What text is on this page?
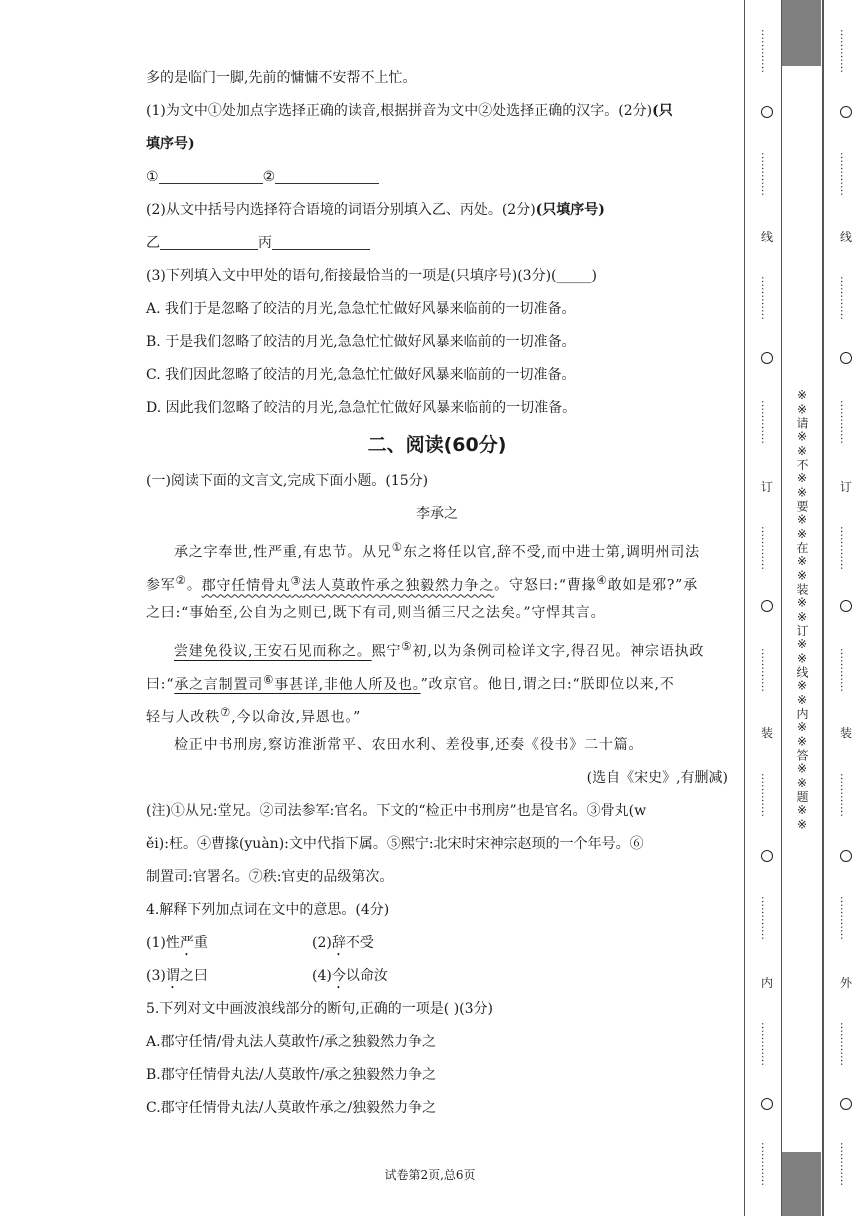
多的是临门一脚,先前的慵慵不安帮不上忙。
(1)为文中①处加点字选择正确的读音,根据拼音为文中②处选择正确的汉字。(2分)(只
填序号)
①	②
(2)从文中括号内选择符合语境的词语分别填入乙、丙处。(2分)(只填序号)
乙	丙
(3)下列填入文中甲处的语句,衔接最恰当的一项是(只填序号)(3分)(_____)
A. 我们于是忽略了皎洁的月光,急急忙忙做好风暴来临前的一切准备。
B. 于是我们忽略了皎洁的月光,急急忙忙做好风暴来临前的一切准备。
C. 我们因此忽略了皎洁的月光,急急忙忙做好风暴来临前的一切准备。
D. 因此我们忽略了皎洁的月光,急急忙忙做好风暴来临前的一切准备。
二、阅读(60分)
(一)阅读下面的文言文,完成下面小题。(15分)
李承之
承之字奉世,性严重,有忠节。从兄①东之将任以官,辞不受,而中进士第,调明州司法
参军②。郡守任情骨丸③法人莫敢忤承之独毅然力争之。守怒曰:“曹掾④敢如是邪?”承
之曰:“事始至,公自为之则已,既下有司,则当循三尺之法矣。”守悍其言。
尝建免役议,王安石见而称之。熙宁⑤初,以为条例司检详文字,得召见。神宗语执政
曰:“承之言制置司⑥事甚详,非他人所及也。”改京官。他日,谓之曰:“朕即位以来,不
轻与人改秩⑦,今以命汝,异恩也。”
检正中书刑房,察访淮浙常平、农田水利、差役事,还奏《役书》二十篇。
(选自《宋史》,有删减)
(注)①从兄:堂兄。②司法参军:官名。下文的“检正中书刑房”也是官名。③骨丸(w
ěi):枉。④曹掾(yuàn):文中代指下属。⑤熙宁:北宋时宋神宗赵顼的一个年号。⑥
制置司:官署名。⑦秩:官吏的品级第次。
4.解释下列加点词在文中的意思。(4分)
(1)性严重	(2)辞不受
(3)谓之曰	(4)今以命汝
5.下列对文中画波浪线部分的断句,正确的一项是( )(3分)
A.郡守任情/骨丸法人莫敢忤/承之独毅然力争之
B.郡守任情骨丸法/人莫敢忤/承之独毅然力争之
C.郡守任情骨丸法/人莫敢忤承之/独毅然力争之
试卷第2页,总6页
※※请※※不※※要※※在※※装※※订※※线※※内※※答※※题※※
…………
…………
线
…………
…………
订
…………
…………
装
…………
…………
内
…………
…………
…………
…………
线
…………
…………
订
…………
…………
装
…………
…………
外
…………
…………
